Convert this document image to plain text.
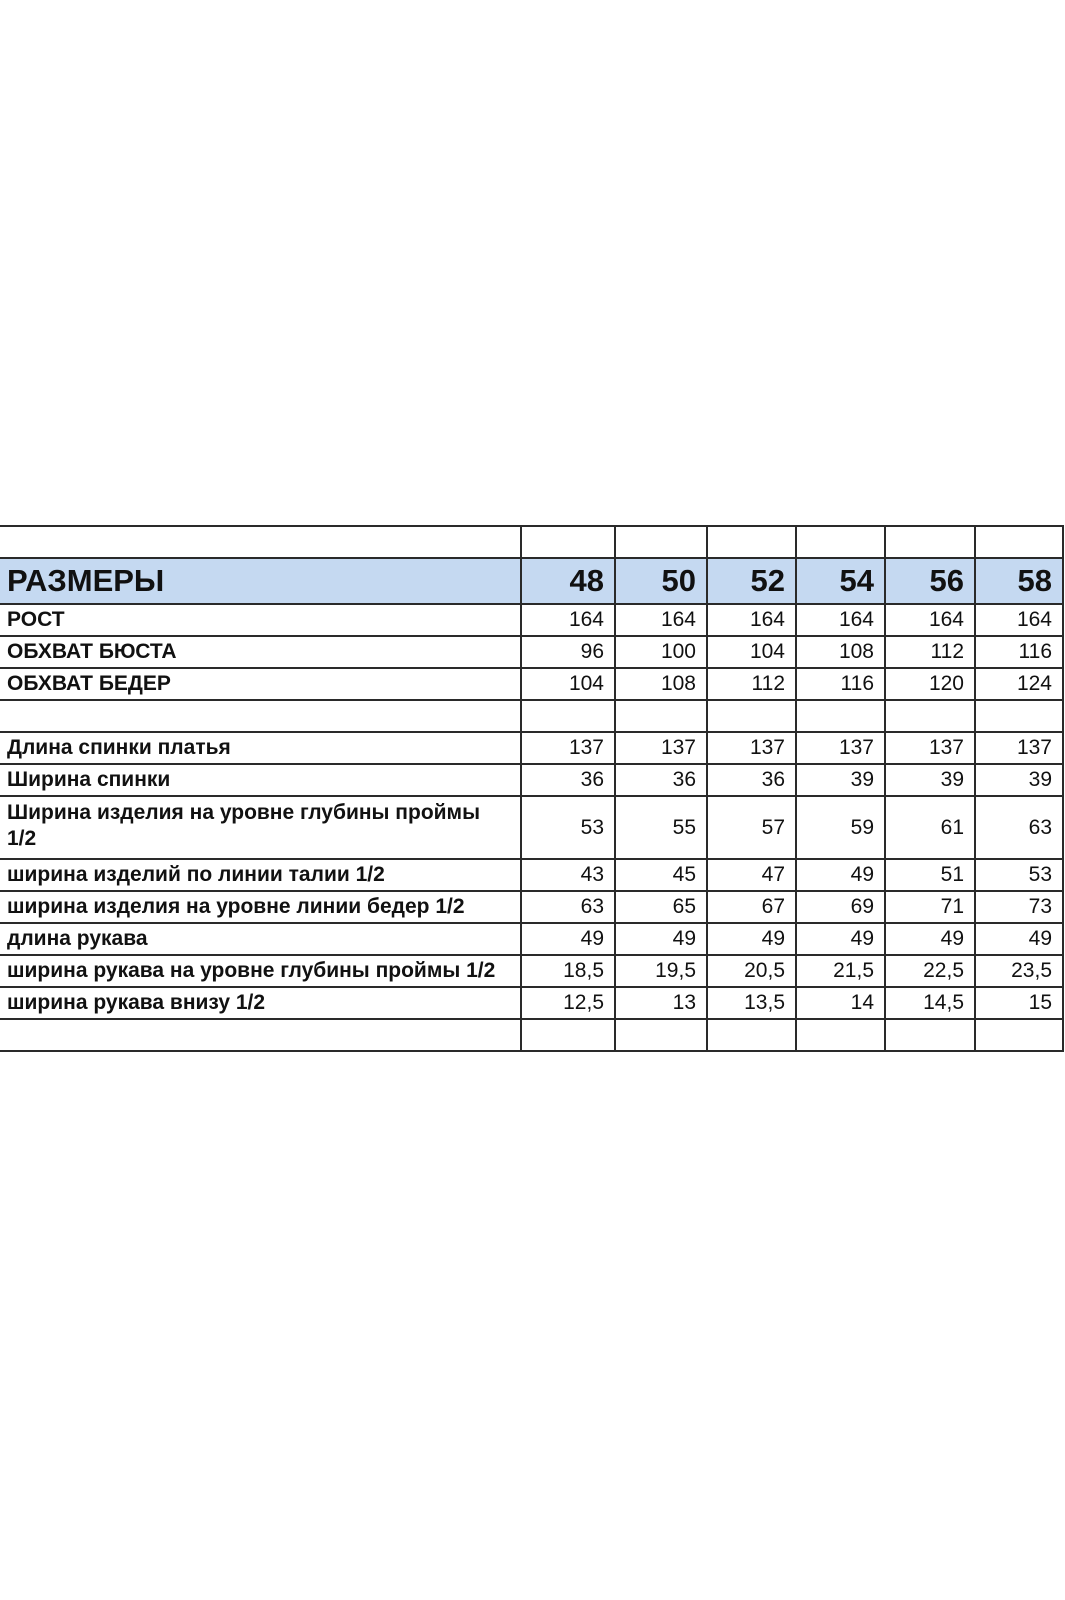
РАЗМЕРЫ	48	50	52	54	56	58
РОСТ	164	164	164	164	164	164
ОБХВАТ БЮСТА	96	100	104	108	112	116
ОБХВАТ БЕДЕР	104	108	112	116	120	124

Длина спинки платья	137	137	137	137	137	137
Ширина спинки	36	36	36	39	39	39
Ширина изделия на уровне глубины проймы 1/2	53	55	57	59	61	63
ширина изделий по линии талии 1/2	43	45	47	49	51	53
ширина изделия на уровне линии бедер 1/2	63	65	67	69	71	73
длина рукава	49	49	49	49	49	49
ширина рукава на уровне глубины проймы 1/2	18,5	19,5	20,5	21,5	22,5	23,5
ширина рукава внизу 1/2	12,5	13	13,5	14	14,5	15
